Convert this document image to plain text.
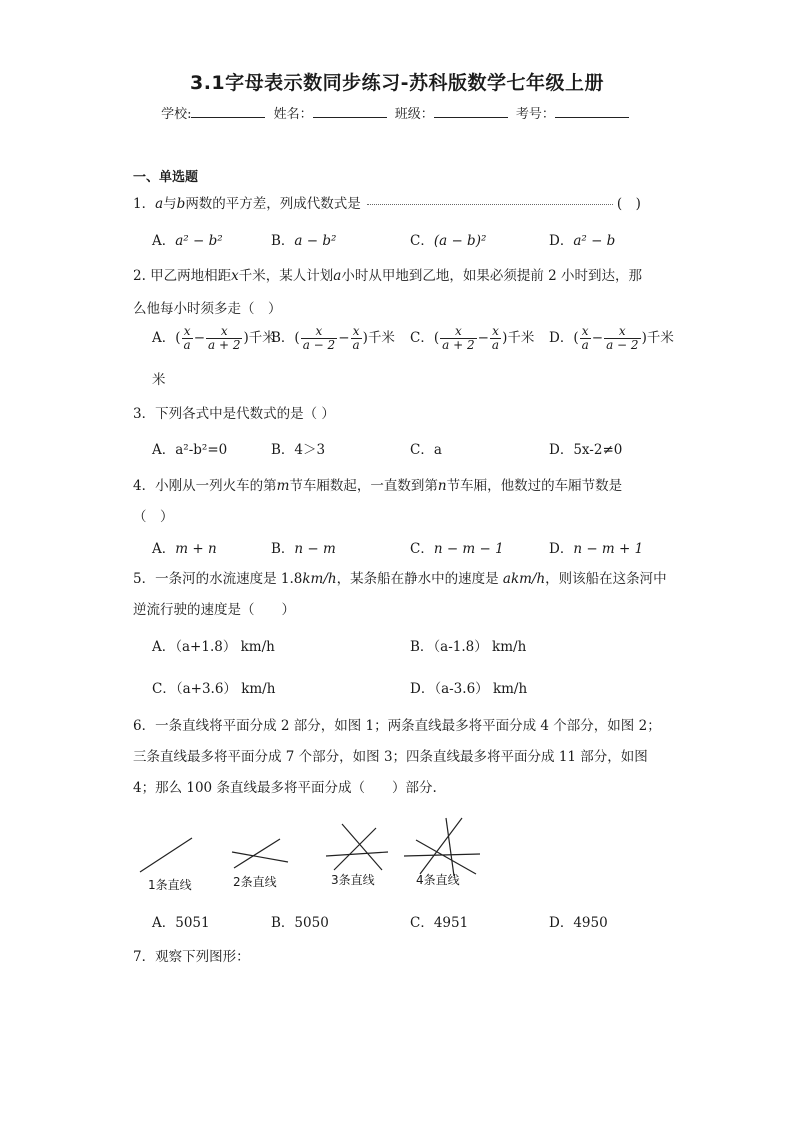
3.1字母表示数同步练习-苏科版数学七年级上册
学校:	姓名：	班级：	考号：
一、单选题
1．a与b两数的平方差，列成代数式是	(　)
A．a² − b²	B．a − b²	C．(a − b)²	D．a² − b
2. 甲乙两地相距x千米，某人计划a小时从甲地到乙地，如果必须提前 2 小时到达，那
么他每小时须多走（　）
A．( $\frac{x}{a} - \frac{x}{a + 2}$ )千米
B．( $\frac{x}{a - 2} - \frac{x}{a}$ )千米 C．( $\frac{x}{a + 2} - \frac{x}{a}$ )千米 D．( $\frac{x}{a} - \frac{x}{a - 2}$ )千米
米
3．下列各式中是代数式的是（ ）
A．a²-b²=0	B．4＞3	C．a	D．5x-2≠0
4．小刚从一列火车的第m节车厢数起，一直数到第n节车厢，他数过的车厢节数是
（　）
A．m + n	B．n − m	C．n − m − 1	D．n − m + 1
5．一条河的水流速度是 1.8km/h，某条船在静水中的速度是 akm/h，则该船在这条河中
逆流行驶的速度是（　　）
A．（a+1.8） km/h	B．（a-1.8） km/h
C．（a+3.6） km/h	D．（a-3.6） km/h
6．一条直线将平面分成 2 部分，如图 1；两条直线最多将平面分成 4 个部分，如图 2；
三条直线最多将平面分成 7 个部分，如图 3；四条直线最多将平面分成 11 部分，如图
4；那么 100 条直线最多将平面分成（　　）部分.
1条直线	2条直线	3条直线	4条直线
A．5051	B．5050	C．4951	D．4950
7．观察下列图形：
